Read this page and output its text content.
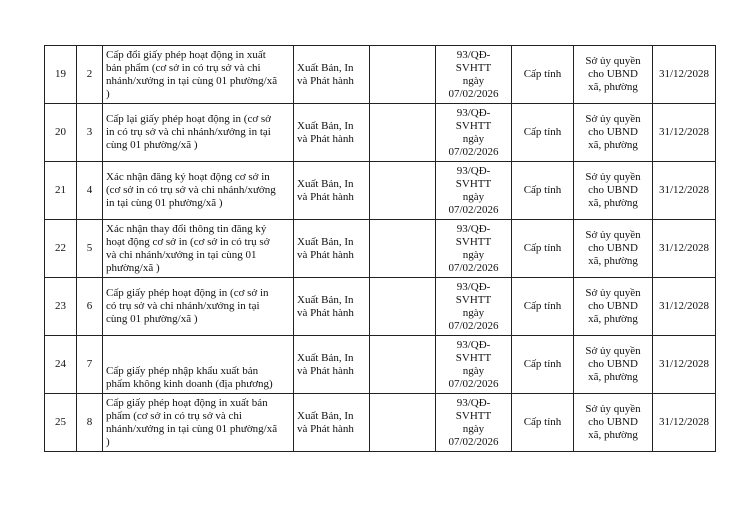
19	2	Cấp đổi giấy phép hoạt động in xuất
bản phẩm (cơ sở in có trụ sở và chi
nhánh/xưởng in tại cùng 01 phường/xã
)	Xuất Bản, In và Phát hành		93/QĐ-
SVHTT
ngày
07/02/2026	Cấp tỉnh	Sở ủy quyền
cho UBND
xã, phường	31/12/2028
20	3	Cấp lại giấy phép hoạt động in (cơ sở
in có trụ sở và chi nhánh/xưởng in tại
cùng 01 phường/xã )	Xuất Bản, In và Phát hành		93/QĐ-
SVHTT
ngày
07/02/2026	Cấp tỉnh	Sở ủy quyền
cho UBND
xã, phường	31/12/2028
21	4	Xác nhận đăng ký hoạt động cơ sở in
(cơ sở in có trụ sở và chi nhánh/xưởng
in tại cùng 01 phường/xã )	Xuất Bản, In và Phát hành		93/QĐ-
SVHTT
ngày
07/02/2026	Cấp tỉnh	Sở ủy quyền
cho UBND
xã, phường	31/12/2028
22	5	Xác nhận thay đổi thông tin đăng ký
hoạt động cơ sở in (cơ sở in có trụ sở
và chi nhánh/xưởng in tại cùng 01
phường/xã )	Xuất Bản, In và Phát hành		93/QĐ-
SVHTT
ngày
07/02/2026	Cấp tỉnh	Sở ủy quyền
cho UBND
xã, phường	31/12/2028
23	6	Cấp giấy phép hoạt động in (cơ sở in
có trụ sở và chi nhánh/xưởng in tại
cùng 01 phường/xã )	Xuất Bản, In và Phát hành		93/QĐ-
SVHTT
ngày
07/02/2026	Cấp tỉnh	Sở ủy quyền
cho UBND
xã, phường	31/12/2028
24	7	Cấp giấy phép nhập khẩu xuất bản
phẩm không kinh doanh (địa phương)	Xuất Bản, In và Phát hành		93/QĐ-
SVHTT
ngày
07/02/2026	Cấp tỉnh	Sở ủy quyền
cho UBND
xã, phường	31/12/2028
25	8	Cấp giấy phép hoạt động in xuất bản
phẩm (cơ sở in có trụ sở và chi
nhánh/xưởng in tại cùng 01 phường/xã
)	Xuất Bản, In và Phát hành		93/QĐ-
SVHTT
ngày
07/02/2026	Cấp tỉnh	Sở ủy quyền
cho UBND
xã, phường	31/12/2028
